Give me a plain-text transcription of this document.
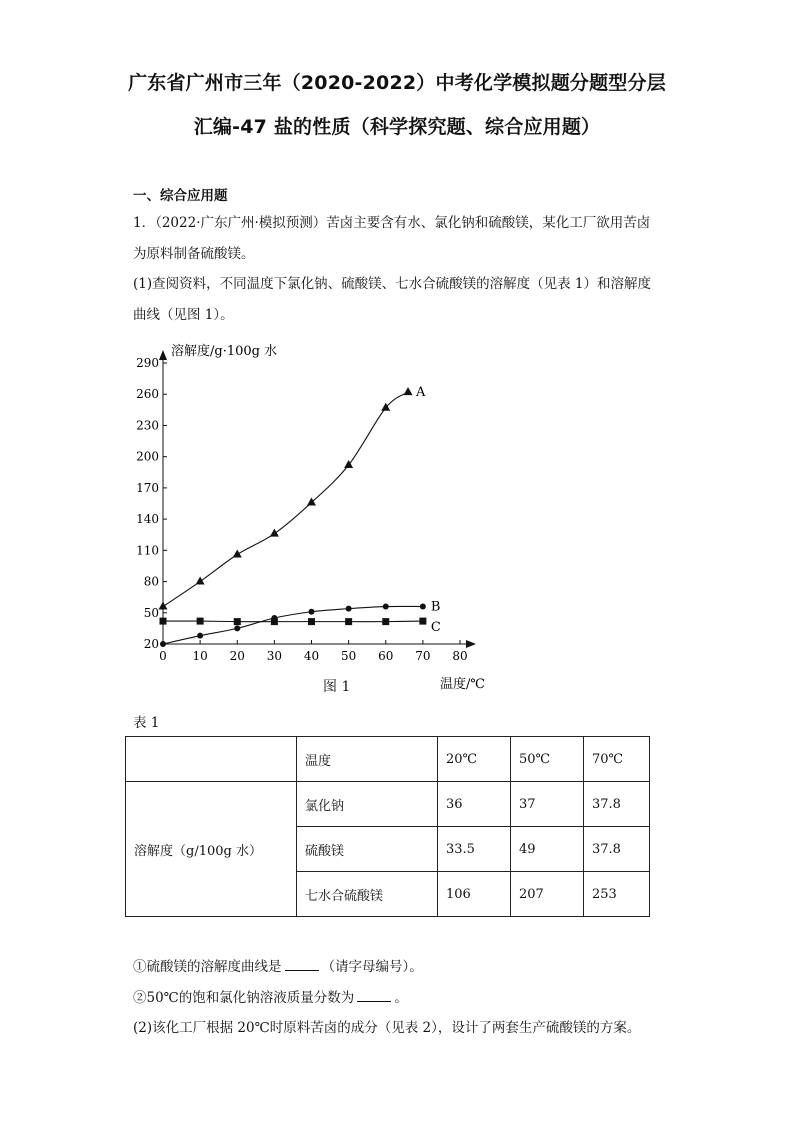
广东省广州市三年（2020-2022）中考化学模拟题分题型分层
汇编-47 盐的性质（科学探究题、综合应用题）
一、综合应用题
1．（2022·广东广州·模拟预测）苦卤主要含有水、氯化钠和硫酸镁，某化工厂欲用苦卤
为原料制备硫酸镁。
(1)查阅资料，不同温度下氯化钠、硫酸镁、七水合硫酸镁的溶解度（见表 1）和溶解度
曲线（见图 1）。
20
50
80
110
140
170
200
230
260
290
0 10 20 30 40 50 60 70 80
溶解度/g·100g 水
温度/℃
A
B
C
图 1
表 1
	温度	20℃	50℃	70℃
溶解度（g/100g 水）	氯化钠	36	37	37.8
	硫酸镁	33.5	49	37.8
	七水合硫酸镁	106	207	253
①硫酸镁的溶解度曲线是	（请字母编号）。
②50℃的饱和氯化钠溶液质量分数为	。
(2)该化工厂根据 20℃时原料苦卤的成分（见表 2），设计了两套生产硫酸镁的方案。
